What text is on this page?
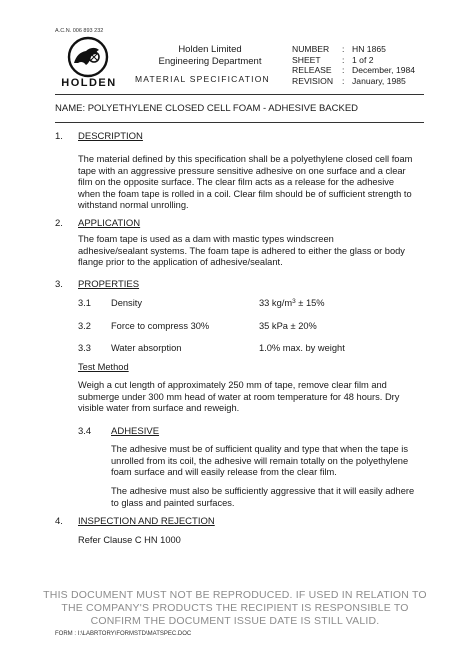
A.C.N. 006 893 232
HOLDEN
Holden Limited
Engineering Department
MATERIAL SPECIFICATION
NUMBER	: HN 1865
SHEET	: 1 of 2
RELEASE	: December, 1984
REVISION	: January, 1985
NAME: POLYETHYLENE CLOSED CELL FOAM - ADHESIVE BACKED
1. DESCRIPTION
The material defined by this specification shall be a polyethylene closed cell foam
tape with an aggressive pressure sensitive adhesive on one surface and a clear
film on the opposite surface. The clear film acts as a release for the adhesive
when the foam tape is rolled in a coil. Clear film should be of sufficient strength to
withstand normal unrolling.
2. APPLICATION
The foam tape is used as a dam with mastic types windscreen
adhesive/sealant systems. The foam tape is adhered to either the glass or body
flange prior to the application of adhesive/sealant.
3. PROPERTIES
3.1 Density	33 $kg/m^3 \pm 15\%$
3.2 Force to compress 30%	35 kPa ± 20%
3.3 Water absorption	1.0% max. by weight
Test Method
Weigh a cut length of approximately 250 mm of tape, remove clear film and
submerge under 300 mm head of water at room temperature for 48 hours. Dry
visible water from surface and reweigh.
3.4 ADHESIVE
The adhesive must be of sufficient quality and type that when the tape is
unrolled from its coil, the adhesive will remain totally on the polyethylene
foam surface and will easily release from the clear film.
The adhesive must also be sufficiently aggressive that it will easily adhere
to glass and painted surfaces.
4. INSPECTION AND REJECTION
Refer Clause C HN 1000
THIS DOCUMENT MUST NOT BE REPRODUCED. IF USED IN RELATION TO
THE COMPANY'S PRODUCTS THE RECIPIENT IS RESPONSIBLE TO
CONFIRM THE DOCUMENT ISSUE DATE IS STILL VALID.
FORM : I:\LABRTORY\FORMSTD\MATSPEC.DOC
